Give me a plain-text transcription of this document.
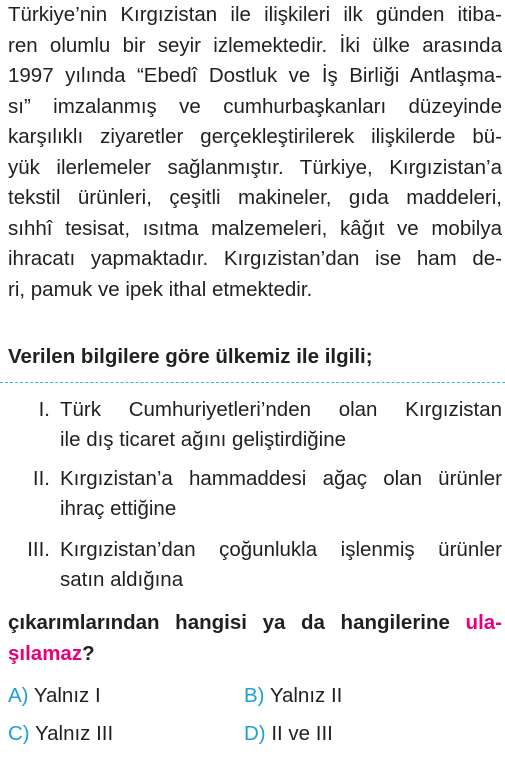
Türkiye’nin Kırgızistan ile ilişkileri ilk günden itiba-
ren olumlu bir seyir izlemektedir. İki ülke arasında
1997 yılında “Ebedî Dostluk ve İş Birliği Antlaşma-
sı” imzalanmış ve cumhurbaşkanları düzeyinde
karşılıklı ziyaretler gerçekleştirilerek ilişkilerde bü-
yük ilerlemeler sağlanmıştır. Türkiye, Kırgızistan’a
tekstil ürünleri, çeşitli makineler, gıda maddeleri,
sıhhî tesisat, ısıtma malzemeleri, kâğıt ve mobilya
ihracatı yapmaktadır. Kırgızistan’dan ise ham de-
ri, pamuk ve ipek ithal etmektedir.
Verilen bilgilere göre ülkemiz ile ilgili;
I. Türk Cumhuriyetleri’nden olan Kırgızistan
ile dış ticaret ağını geliştirdiğine
II. Kırgızistan’a hammaddesi ağaç olan ürünler
ihraç ettiğine
III. Kırgızistan’dan çoğunlukla işlenmiş ürünler
satın aldığına
çıkarımlarından hangisi ya da hangilerine ula-
şılamaz?
A) Yalnız I	B) Yalnız II
C) Yalnız III	D) II ve III
